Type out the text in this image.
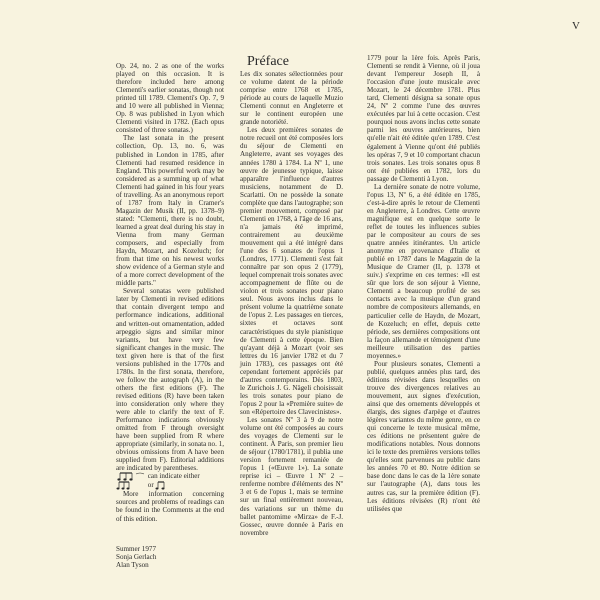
V

Op. 24, no. 2 as one of the works played on this occasion. It is therefore included here among Clementi's earlier sonatas, though not printed till 1789. Clementi's Op. 7, 9 and 10 were all published in Vienna; Op. 8 was published in Lyon which Clementi visited in 1782. (Each opus consisted of three sonatas.)

The last sonata in the present collection, Op. 13, no. 6, was published in London in 1785, after Clementi had resumed residence in England. This powerful work may be considered as a summing up of what Clementi had gained in his four years of travelling. As an anonymous report of 1787 from Italy in Cramer's Magazin der Musik (II, pp. 1378–9) stated: "Clementi, there is no doubt, learned a great deal during his stay in Vienna from many German composers, and especially from Haydn, Mozart, and Kozeluch; for from that time on his newest works show evidence of a German style and of a more correct development of the middle parts."

Several sonatas were published later by Clementi in revised editions that contain divergent tempo and performance indications, additional and written-out ornamentation, added arpeggio signs and similar minor variants, but have very few significant changes in the music. The text given here is that of the first versions published in the 1770s and 1780s. In the first sonata, therefore, we follow the autograph (A), in the others the first editions (F). The revised editions (R) have been taken into consideration only where they were able to clarify the text of F. Performance indications obviously omitted from F through oversight have been supplied from R where appropriate (similarly, in sonata no. 1, obvious omissions from A have been supplied from F). Editorial additions are indicated by parentheses.

can indicate either

or

More information concerning sources and problems of readings can be found in the Comments at the end of this edition.

Summer 1977
Sonja Gerlach
Alan Tyson

Préface

Les dix sonates sélectionnées pour ce volume datent de la période comprise entre 1768 et 1785, période au cours de laquelle Muzio Clementi connut en Angleterre et sur le continent européen une grande notoriété.

Les deux premières sonates de notre recueil ont été composées lors du séjour de Clementi en Angleterre, avant ses voyages des années 1780 à 1784. La Nº 1, une œuvre de jeunesse typique, laisse apparaître l'influence d'autres musiciens, notamment de D. Scarlatti. On ne possède la sonate complète que dans l'autographe; son premier mouvement, composé par Clementi en 1768, à l'âge de 16 ans, n'a jamais été imprimé, contrairement au deuxième mouvement qui a été intégré dans l'une des 6 sonates de l'opus 1 (Londres, 1771). Clementi s'est fait connaître par son opus 2 (1779), lequel comprenait trois sonates avec accompagnement de flûte ou de violon et trois sonates pour piano seul. Nous avons inclus dans le présent volume la quatrième sonate de l'opus 2. Les passages en tierces, sixtes et octaves sont caractéristiques du style pianistique de Clementi à cette époque. Bien qu'ayant déjà à Mozart (voir ses lettres du 16 janvier 1782 et du 7 juin 1783), ces passages ont été cependant fortement appréciés par d'autres contemporains. Dès 1803, le Zurichois J. G. Nägeli choisissait les trois sonates pour piano de l'opus 2 pour la «Première suite» de son «Répertoire des Clavecinistes».

Les sonates Nº 3 à 9 de notre volume ont été composées au cours des voyages de Clementi sur le continent. À Paris, son premier lieu de séjour (1780/1781), il publia une version fortement remaniée de l'opus 1 («Œuvre 1»). La sonate reprise ici – Œuvre 1 Nº 2 – renferme nombre d'éléments des Nº 3 et 6 de l'opus 1, mais se termine sur un final entièrement nouveau, des variations sur un thème du ballet pantomime «Mirza» de F.-J. Gossec, œuvre donnée à Paris en novembre

1779 pour la 1ère fois. Après Paris, Clementi se rendit à Vienne, où il joua devant l'empereur Joseph II, à l'occasion d'une joute musicale avec Mozart, le 24 décembre 1781. Plus tard, Clementi désigna sa sonate opus 24, Nº 2 comme l'une des œuvres exécutées par lui à cette occasion. C'est pourquoi nous avons inclus cette sonate parmi les œuvres antérieures, bien qu'elle n'ait été éditée qu'en 1789. C'est également à Vienne qu'ont été publiés les opéras 7, 9 et 10 comportant chacun trois sonates. Les trois sonates opus 8 ont été publiées en 1782, lors du passage de Clementi à Lyon.

La dernière sonate de notre volume, l'opus 13, Nº 6, a été éditée en 1785, c'est-à-dire après le retour de Clementi en Angleterre, à Londres. Cette œuvre magnifique est en quelque sorte le reflet de toutes les influences subies par le compositeur au cours de ses quatre années itinérantes. Un article anonyme en provenance d'Italie et publié en 1787 dans le Magazin de la Musique de Cramer (II, p. 1378 et suiv.) s'exprime en ces termes: «Il est sûr que lors de son séjour à Vienne, Clementi a beaucoup profité de ses contacts avec la musique d'un grand nombre de compositeurs allemands, en particulier celle de Haydn, de Mozart, de Kozeluch; en effet, depuis cette période, ses dernières compositions ont la façon allemande et témoignent d'une meilleure utilisation des parties moyennes.»

Pour plusieurs sonates, Clementi a publié, quelques années plus tard, des éditions révisées dans lesquelles on trouve des divergences relatives au mouvement, aux signes d'exécution, ainsi que des ornements développés et élargis, des signes d'arpège et d'autres légères variantes du même genre, en ce qui concerne le texte musical même, ces éditions ne présentent guère de modifications notables. Nous donnons ici le texte des premières versions telles qu'elles sont parvenues au public dans les années 70 et 80. Notre édition se base donc dans le cas de la 1ère sonate sur l'autographe (A), dans tous les autres cas, sur la première édition (F). Les éditions révisées (R) n'ont été utilisées que
